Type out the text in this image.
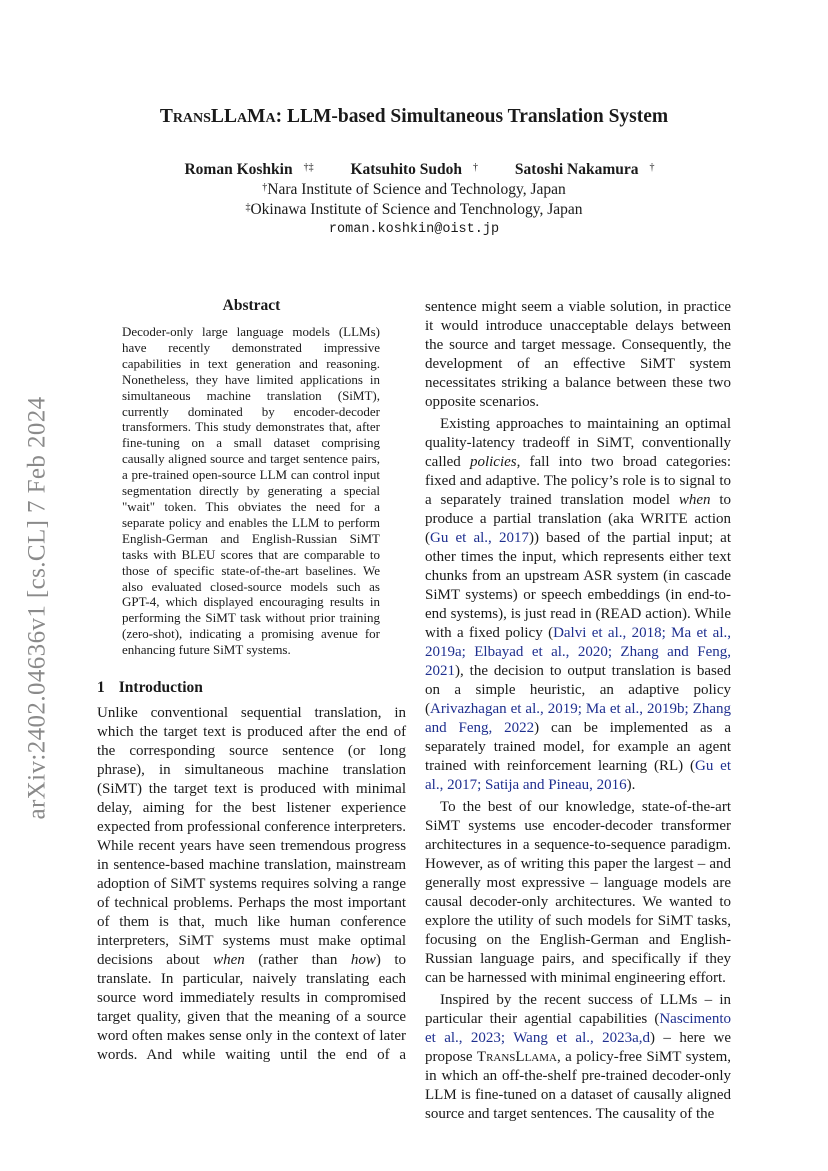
arXiv:2402.04636v1 [cs.CL] 7 Feb 2024
TransLLaMa: LLM-based Simultaneous Translation System
Roman Koshkin †‡ Katsuhito Sudoh † Satoshi Nakamura †
†Nara Institute of Science and Technology, Japan
‡Okinawa Institute of Science and Tenchnology, Japan
roman.koshkin@oist.jp
Abstract

Decoder-only large language models (LLMs) have recently demonstrated impressive capabilities in text generation and reasoning. Nonetheless, they have limited applications in simultaneous machine translation (SiMT), currently dominated by encoder-decoder transformers. This study demonstrates that, after fine-tuning on a small dataset comprising causally aligned source and target sentence pairs, a pre-trained open-source LLM can control input segmentation directly by generating a special "wait" token. This obviates the need for a separate policy and enables the LLM to perform English-German and English-Russian SiMT tasks with BLEU scores that are comparable to those of specific state-of-the-art baselines. We also evaluated closed-source models such as GPT-4, which displayed encouraging results in performing the SiMT task without prior training (zero-shot), indicating a promising avenue for enhancing future SiMT systems.

1 Introduction

Unlike conventional sequential translation, in which the target text is produced after the end of the corresponding source sentence (or long phrase), in simultaneous machine translation (SiMT) the target text is produced with minimal delay, aiming for the best listener experience expected from professional conference interpreters. While recent years have seen tremendous progress in sentence-based machine translation, mainstream adoption of SiMT systems requires solving a range of technical problems. Perhaps the most important of them is that, much like human conference interpreters, SiMT systems must make optimal decisions about when (rather than how) to translate. In particular, naively translating each source word immediately results in compromised target quality, given that the meaning of a source word often makes sense only in the context of later words. And while waiting until the end of a

sentence might seem a viable solution, in practice it would introduce unacceptable delays between the source and target message. Consequently, the development of an effective SiMT system necessitates striking a balance between these two opposite scenarios.

Existing approaches to maintaining an optimal quality-latency tradeoff in SiMT, conventionally called policies, fall into two broad categories: fixed and adaptive. The policy’s role is to signal to a separately trained translation model when to produce a partial translation (aka WRITE action (Gu et al., 2017)) based of the partial input; at other times the input, which represents either text chunks from an upstream ASR system (in cascade SiMT systems) or speech embeddings (in end-to-end systems), is just read in (READ action). While with a fixed policy (Dalvi et al., 2018; Ma et al., 2019a; Elbayad et al., 2020; Zhang and Feng, 2021), the decision to output translation is based on a simple heuristic, an adaptive policy (Arivazhagan et al., 2019; Ma et al., 2019b; Zhang and Feng, 2022) can be implemented as a separately trained model, for example an agent trained with reinforcement learning (RL) (Gu et al., 2017; Satija and Pineau, 2016).

To the best of our knowledge, state-of-the-art SiMT systems use encoder-decoder transformer architectures in a sequence-to-sequence paradigm. However, as of writing this paper the largest – and generally most expressive – language models are causal decoder-only architectures. We wanted to explore the utility of such models for SiMT tasks, focusing on the English-German and English-Russian language pairs, and specifically if they can be harnessed with minimal engineering effort.

Inspired by the recent success of LLMs – in particular their agential capabilities (Nascimento et al., 2023; Wang et al., 2023a,d) – here we propose TransLlama, a policy-free SiMT system, in which an off-the-shelf pre-trained decoder-only LLM is fine-tuned on a dataset of causally aligned source and target sentences. The causality of the
